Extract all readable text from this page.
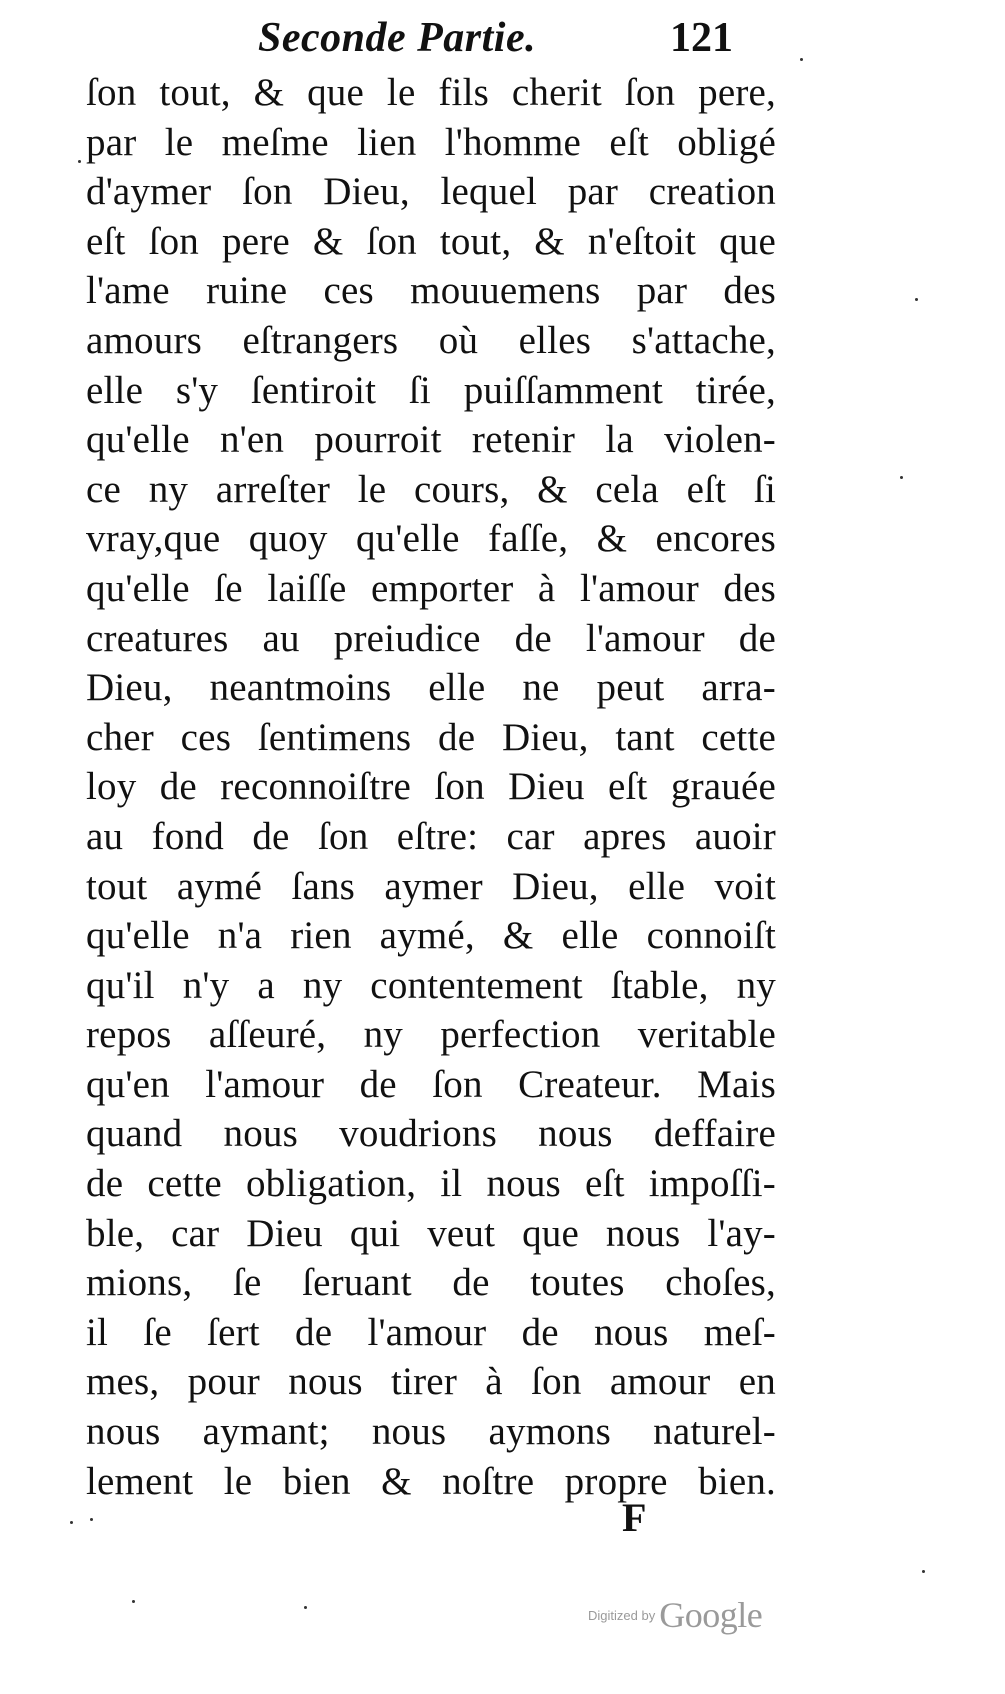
Seconde Partie.	121
ſon tout, & que le fils cherit ſon pere,
par le meſme lien l'homme eſt obligé
d'aymer ſon Dieu, lequel par creation
eſt ſon pere & ſon tout, & n'eſtoit que
l'ame ruine ces mouuemens par des
amours eſtrangers où elles s'attache,
elle s'y ſentiroit ſi puiſſamment tirée,
qu'elle n'en pourroit retenir la violen-
ce ny arreſter le cours, & cela eſt ſi
vray,que quoy qu'elle faſſe, & encores
qu'elle ſe laiſſe emporter à l'amour des
creatures au preiudice de l'amour de
Dieu, neantmoins elle ne peut arra-
cher ces ſentimens de Dieu, tant cette
loy de reconnoiſtre ſon Dieu eſt grauée
au fond de ſon eſtre: car apres auoir
tout aymé ſans aymer Dieu, elle voit
qu'elle n'a rien aymé, & elle connoiſt
qu'il n'y a ny contentement ſtable, ny
repos aſſeuré, ny perfection veritable
qu'en l'amour de ſon Createur. Mais
quand nous voudrions nous deffaire
de cette obligation, il nous eſt impoſſi-
ble, car Dieu qui veut que nous l'ay-
mions, ſe ſeruant de toutes choſes,
il ſe ſert de l'amour de nous meſ-
mes, pour nous tirer à ſon amour en
nous aymant; nous aymons naturel-
lement le bien & noſtre propre bien.
F
Digitized by Google
